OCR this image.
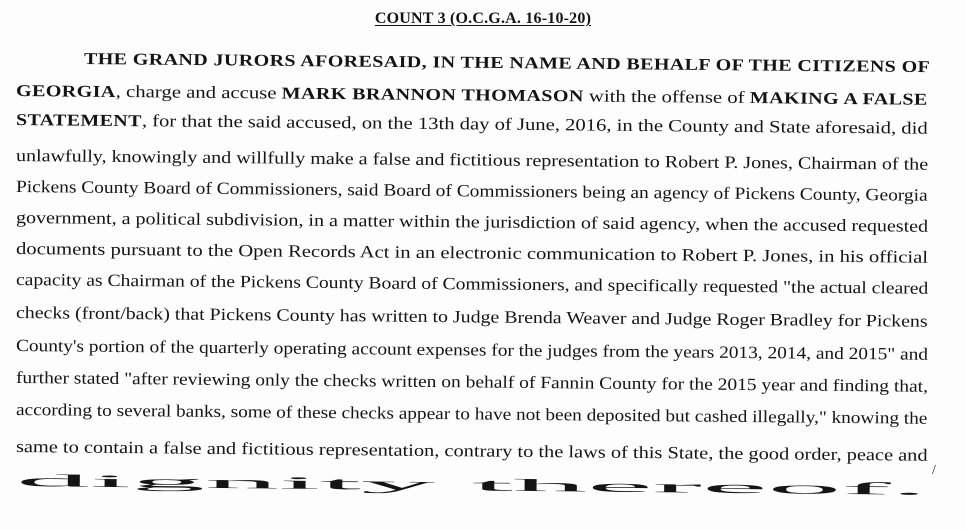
COUNT 3 (O.C.G.A. 16-10-20)
THE GRAND JURORS AFORESAID, IN THE NAME AND BEHALF OF THE CITIZENS OF
GEORGIA, charge and accuse MARK BRANNON THOMASON with the offense of MAKING A FALSE
STATEMENT, for that the said accused, on the 13th day of June, 2016, in the County and State aforesaid, did
unlawfully, knowingly and willfully make a false and fictitious representation to Robert P. Jones, Chairman of the
Pickens County Board of Commissioners, said Board of Commissioners being an agency of Pickens County, Georgia
government, a political subdivision, in a matter within the jurisdiction of said agency, when the accused requested
documents pursuant to the Open Records Act in an electronic communication to Robert P. Jones, in his official
capacity as Chairman of the Pickens County Board of Commissioners, and specifically requested "the actual cleared
checks (front/back) that Pickens County has written to Judge Brenda Weaver and Judge Roger Bradley for Pickens
County's portion of the quarterly operating account expenses for the judges from the years 2013, 2014, and 2015" and
further stated "after reviewing only the checks written on behalf of Fannin County for the 2015 year and finding that,
according to several banks, some of these checks appear to have not been deposited but cashed illegally," knowing the
same to contain a false and fictitious representation, contrary to the laws of this State, the good order, peace and
dignity thereof.
/
